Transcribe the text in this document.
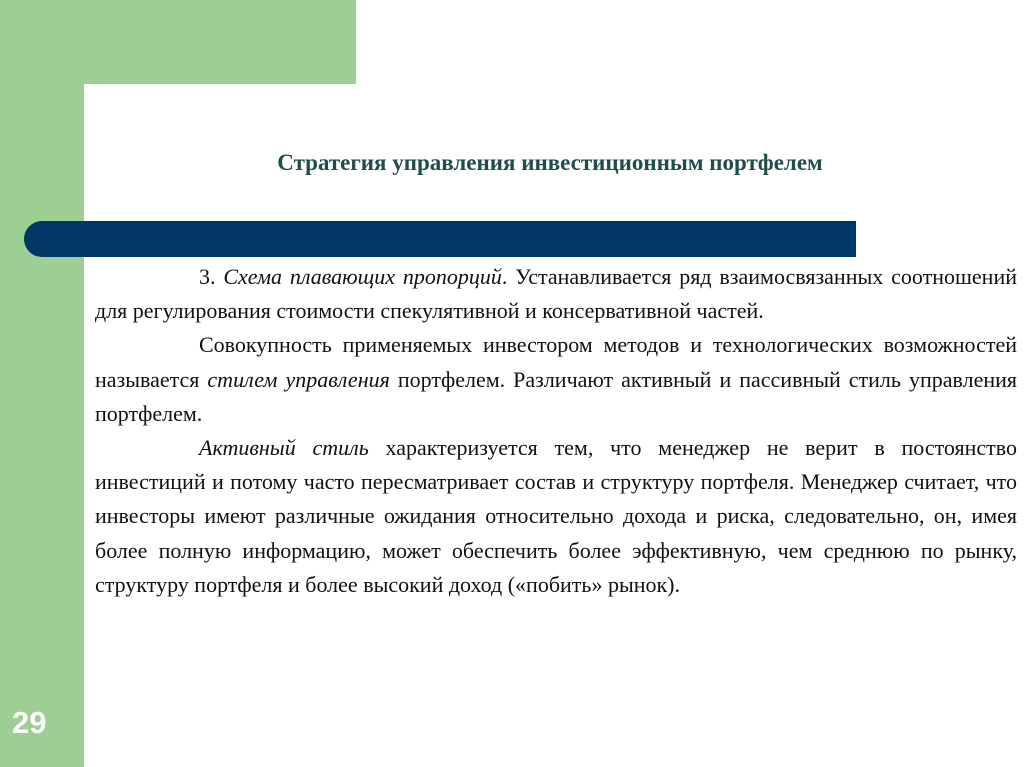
Стратегия управления инвестиционным портфелем

3. Схема плавающих пропорций. Устанавливается ряд взаимосвязанных соотношений для регулирования стоимости спекулятивной и консервативной частей.

Совокупность применяемых инвестором методов и технологических возможностей называется стилем управления портфелем. Различают активный и пассивный стиль управления портфелем.

Активный стиль характеризуется тем, что менеджер не верит в постоянство инвестиций и потому часто пересматривает состав и структуру портфеля. Менеджер считает, что инвесторы имеют различные ожидания относительно дохода и риска, следовательно, он, имея более полную информацию, может обеспечить более эффективную, чем среднюю по рынку, структуру портфеля и более высокий доход («побить» рынок).

29
